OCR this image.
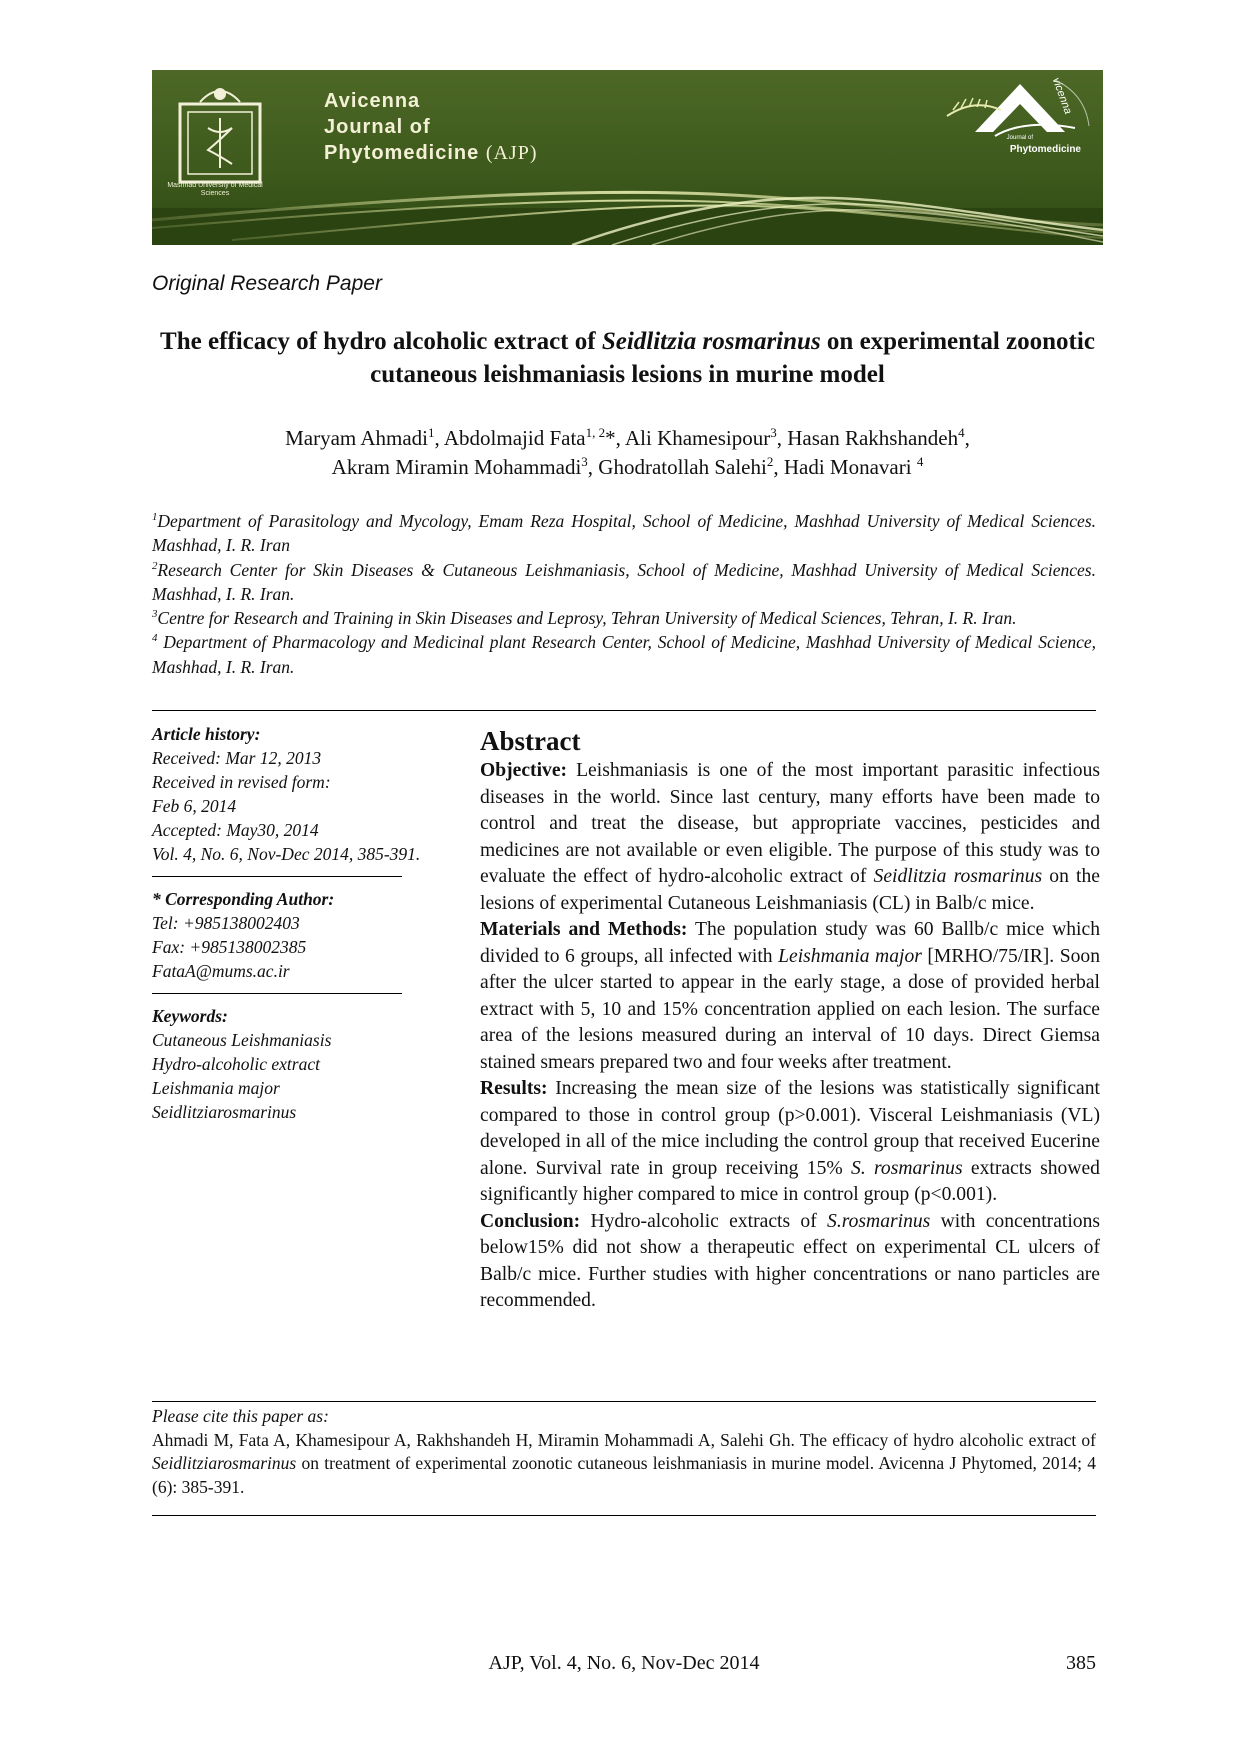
Mashhad University of Medical Sciences
Avicenna
Journal of
Phytomedicine (AJP)
Journal of
Phytomedicine
vicenna
Original Research Paper
The efficacy of hydro alcoholic extract of Seidlitzia rosmarinus on experimental zoonotic cutaneous leishmaniasis lesions in murine model
Maryam Ahmadi$^1$, Abdolmajid Fata$^{1, 2}$*, Ali Khamesipour$^3$, Hasan Rakhshandeh$^4$,
Akram Miramin Mohammadi$^3$, Ghodratollah Salehi$^2$, Hadi Monavari $^4$

$^1$Department of Parasitology and Mycology, Emam Reza Hospital, School of Medicine, Mashhad University of Medical Sciences. Mashhad, I. R. Iran

$^2$Research Center for Skin Diseases & Cutaneous Leishmaniasis, School of Medicine, Mashhad University of Medical Sciences. Mashhad, I. R. Iran.

$^3$Centre for Research and Training in Skin Diseases and Leprosy, Tehran University of Medical Sciences, Tehran, I. R. Iran.

$^4$ Department of Pharmacology and Medicinal plant Research Center, School of Medicine, Mashhad University of Medical Science, Mashhad, I. R. Iran.

Article history:

Received: Mar 12, 2013

Received in revised form:

Feb 6, 2014

Accepted: May30, 2014

Vol. 4, No. 6, Nov-Dec 2014, 385-391.

* Corresponding Author:

Tel: +985138002403

Fax: +985138002385

FataA@mums.ac.ir

Keywords:

Cutaneous Leishmaniasis

Hydro-alcoholic extract

Leishmania major

Seidlitziarosmarinus

Abstract

Objective: Leishmaniasis is one of the most important parasitic infectious diseases in the world. Since last century, many efforts have been made to control and treat the disease, but appropriate vaccines, pesticides and medicines are not available or even eligible. The purpose of this study was to evaluate the effect of hydro-alcoholic extract of Seidlitzia rosmarinus on the lesions of experimental Cutaneous Leishmaniasis (CL) in Balb/c mice.

Materials and Methods: The population study was 60 Ballb/c mice which divided to 6 groups, all infected with Leishmania major [MRHO/75/IR]. Soon after the ulcer started to appear in the early stage, a dose of provided herbal extract with 5, 10 and 15% concentration applied on each lesion. The surface area of the lesions measured during an interval of 10 days. Direct Giemsa stained smears prepared two and four weeks after treatment.

Results: Increasing the mean size of the lesions was statistically significant compared to those in control group (p>0.001). Visceral Leishmaniasis (VL) developed in all of the mice including the control group that received Eucerine alone. Survival rate in group receiving 15% S. rosmarinus extracts showed significantly higher compared to mice in control group (p<0.001).

Conclusion: Hydro-alcoholic extracts of S.rosmarinus with concentrations below15% did not show a therapeutic effect on experimental CL ulcers of Balb/c mice. Further studies with higher concentrations or nano particles are recommended.

Please cite this paper as:

Ahmadi M, Fata A, Khamesipour A, Rakhshandeh H, Miramin Mohammadi A, Salehi Gh. The efficacy of hydro alcoholic extract of Seidlitziarosmarinus on treatment of experimental zoonotic cutaneous leishmaniasis in murine model. Avicenna J Phytomed, 2014; 4 (6): 385-391.

AJP, Vol. 4, No. 6, Nov-Dec 2014	385
